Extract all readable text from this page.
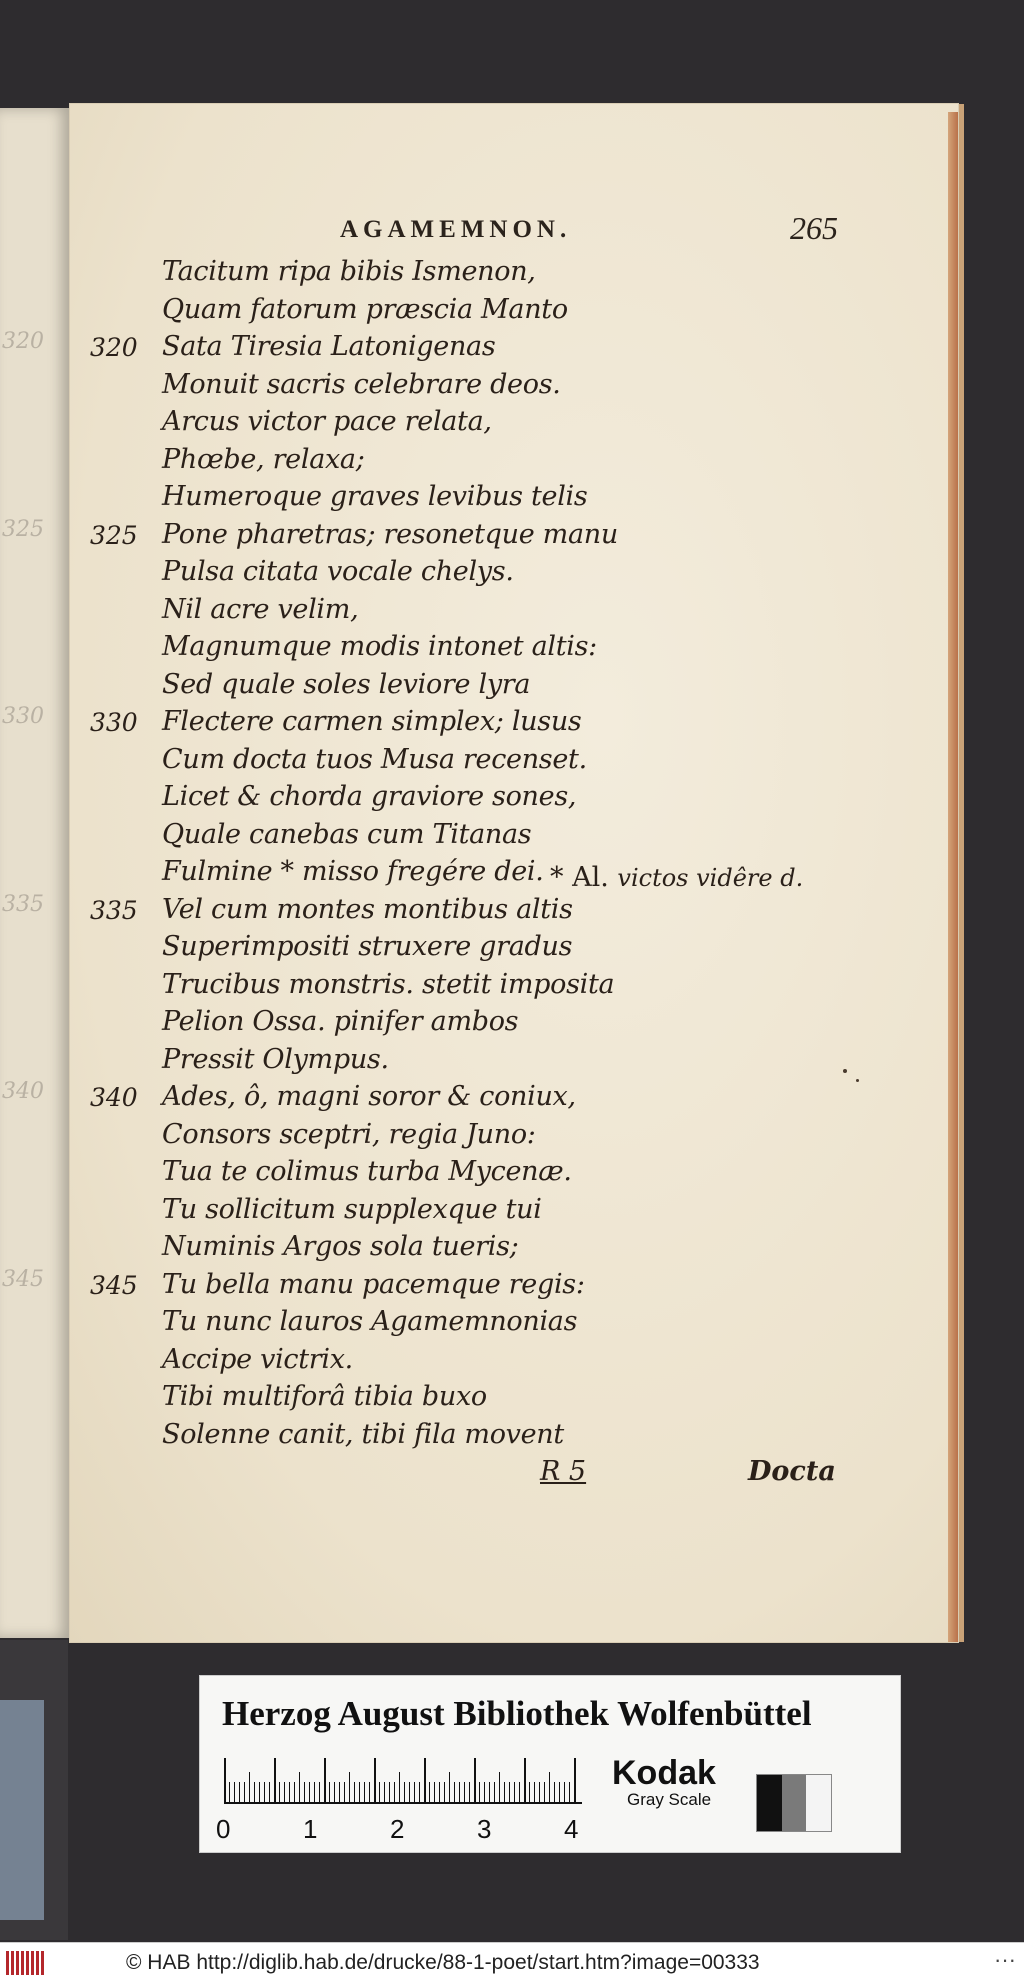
320
325
330
335
340
345
AGAMEMNON.	265
Tacitum ripa bibis Ismenon,
Quam fatorum præscia Manto
320 Sata Tiresia Latonigenas
Monuit sacris celebrare deos.
Arcus victor pace relata,
Phœbe, relaxa;
Humeroque graves levibus telis
325 Pone pharetras; resonetque manu
Pulsa citata vocale chelys.
Nil acre velim,
Magnumque modis intonet altis:
Sed quale soles leviore lyra
330 Flectere carmen simplex; lusus
Cum docta tuos Musa recenset.
Licet & chorda graviore sones,
Quale canebas cum Titanas
Fulmine * misso fregére dei.
335 Vel cum montes montibus altis
Superimpositi struxere gradus
Trucibus monstris. stetit imposita
Pelion Ossa. pinifer ambos
Pressit Olympus.
340 Ades, ô, magni soror & coniux,
Consors sceptri, regia Juno:
Tua te colimus turba Mycenæ.
Tu sollicitum supplexque tui
Numinis Argos sola tueris;
345 Tu bella manu pacemque regis:
Tu nunc lauros Agamemnonias
Accipe victrix.
Tibi multiforâ tibia buxo
Solenne canit, tibi fila movent
* Al. victos vidêre d.
R 5	Docta
Herzog August Bibliothek Wolfenbüttel
0	1	2	3	4
Kodak
Gray Scale
© HAB http://diglib.hab.de/drucke/88-1-poet/start.htm?image=00333	···
